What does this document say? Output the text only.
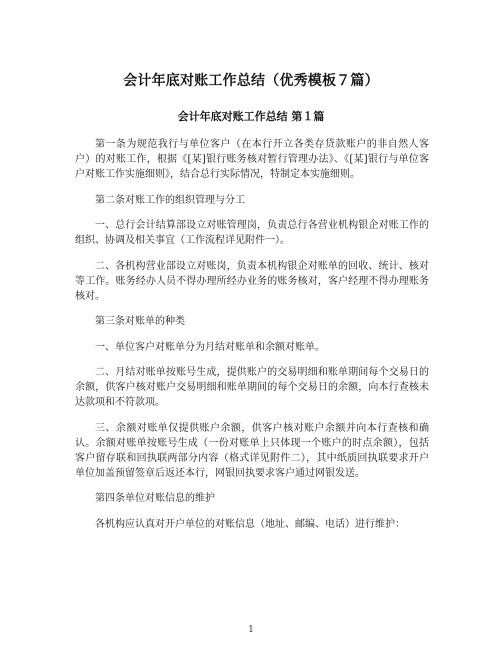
会计年底对账工作总结（优秀模板７篇）
会计年底对账工作总结 第１篇

第一条为规范我行与单位客户（在本行开立各类存贷款账户的非自然人客户）的对账工作，根据《[某]银行账务核对暂行管理办法》、《[某]银行与单位客户对账工作实施细则》，结合总行实际情况，特制定本实施细则。

第二条对账工作的组织管理与分工

一、总行会计结算部设立对账管理岗，负责总行各营业机构银企对账工作的组织、协调及相关事宜（工作流程详见附件一）。

二、各机构营业部设立对账岗，负责本机构银企对账单的回收、统计、核对等工作。账务经办人员不得办理所经办业务的账务核对，客户经理不得办理账务核对。

第三条对账单的种类

一、单位客户对账单分为月结对账单和余额对账单。

二、月结对账单按账号生成，提供账户的交易明细和账单期间每个交易日的余额，供客户核对账户交易明细和账单期间的每个交易日的余额，向本行查核未达款项和不符款项。

三、余额对账单仅提供账户余额，供客户核对账户余额并向本行查核和确认。余额对账单按账号生成（一份对账单上只体现一个账户的时点余额），包括客户留存联和回执联两部分内容（格式详见附件二），其中纸质回执联要求开户单位加盖预留签章后返还本行，网银回执要求客户通过网银发送。

第四条单位对账信息的维护

各机构应认真对开户单位的对账信息（地址、邮编、电话）进行维护：

1
